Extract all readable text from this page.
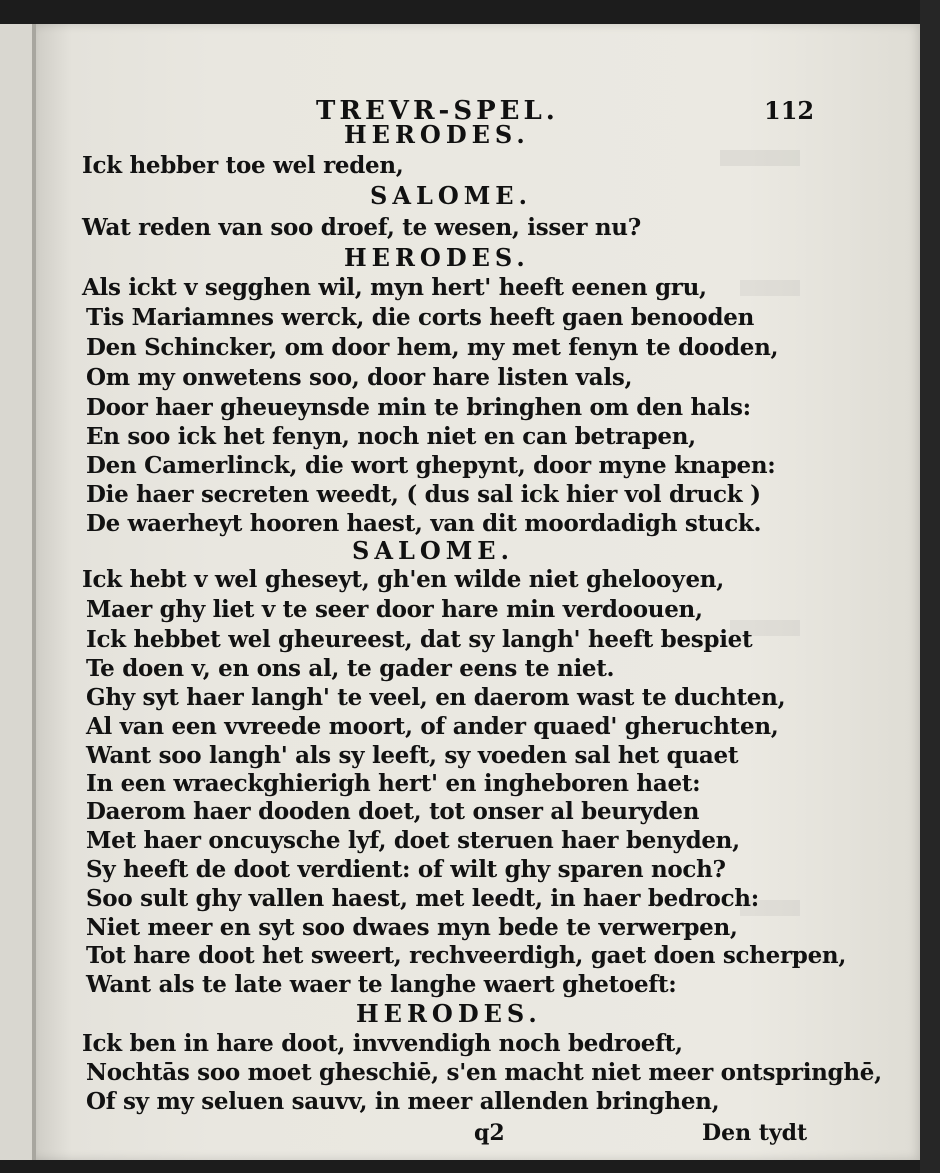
TREVR-SPEL.	112
HERODES.
Ick hebber toe wel reden,
SALOME.
Wat reden van soo droef, te wesen, isser nu?
HERODES.
Als ickt v segghen wil, myn hert' heeft eenen gru,
Tis Mariamnes werck, die corts heeft gaen benooden
Den Schincker, om door hem, my met fenyn te dooden,
Om my onwetens soo, door hare listen vals,
Door haer gheueynsde min te bringhen om den hals:
En soo ick het fenyn, noch niet en can betrapen,
Den Camerlinck, die wort ghepynt, door myne knapen:
Die haer secreten weedt, ( dus sal ick hier vol druck )
De waerheyt hooren haest, van dit moordadigh stuck.
SALOME.
Ick hebt v wel gheseyt, gh'en wilde niet ghelooуen,
Maer ghy liet v te seer door hare min verdoouen,
Ick hebbet wel gheureest, dat sy langh' heeft bespiet
Te doen v, en ons al, te gader eens te niet.
Ghy syt haer langh' te veel, en daerom wast te duchten,
Al van een vvreede moort, of ander quaed' gheruchten,
Want soo langh' als sy leeft, sy voeden sal het quaet
In een wraeckghierigh hert' en ingheboren haet:
Daerom haer dooden doet, tot onser al beuryden
Met haer oncuysche lyf, doet steruen haer benyden,
Sy heeft de doot verdient: of wilt ghy sparen noch?
Soo sult ghy vallen haest, met leedt, in haer bedroch:
Niet meer en syt soo dwaes myn bede te verwerpen,
Tot hare doot het sweert, rechveerdigh, gaet doen scherpen,
Want als te late waer te langhe waert ghetoeft:
HERODES.
Ick ben in hare doot, invvendigh noch bedroeft,
Nochtās soo moet gheschiē, s'en macht niet meer ontspringhē,
Of sy my seluen sauvv, in meer allenden bringhen,
q2	Den tydt
